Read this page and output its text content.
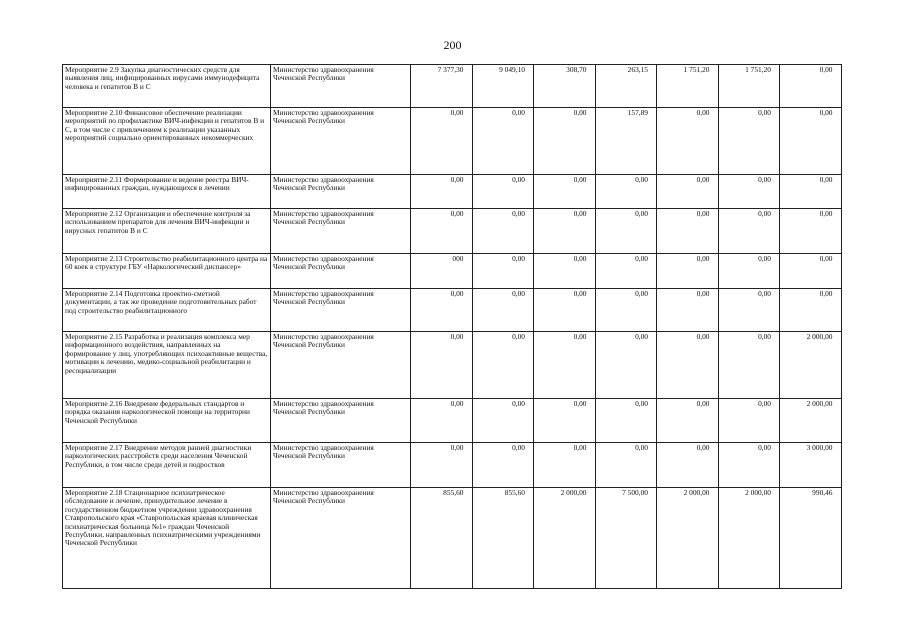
200
Мероприятие 2.9 Закупка диагностических средств для выявления лиц, инфицированных вирусами иммунодефицита человека и гепатитов В и С	Министерство здравоохранения Чеченской Республики	7 377,30	9 049,10	308,70	263,15	1 751,20	1 751,20	0,00
Мероприятие 2.10 Финансовое обеспечение реализации мероприятий по профилактике ВИЧ-инфекции и гепатитов В и С, в том числе с привлечением к реализации указанных мероприятий социально ориентированных некоммерческих	Министерство здравоохранения Чеченской Республики	0,00	0,00	0,00	157,89	0,00	0,00	0,00
Мероприятие 2.11 Формирование и ведение реестра ВИЧ-инфицированных граждан, нуждающихся в лечении	Министерство здравоохранения Чеченской Республики	0,00	0,00	0,00	0,00	0,00	0,00	0,00
Мероприятие 2.12 Организация и обеспечение контроля за использованием препаратов для лечения ВИЧ-инфекции и вирусных гепатитов В и С	Министерство здравоохранения Чеченской Республики	0,00	0,00	0,00	0,00	0,00	0,00	0,00
Мероприятие 2.13 Строительство реабилитационного центра на 60 коек в структуре ГБУ «Наркологический диспансер»	Министерство здравоохранения Чеченской Республики	000	0,00	0,00	0,00	0,00	0,00	0,00
Мероприятие 2.14 Подготовка проектно-сметной документации, а так же проведение подготовительных работ под строительство реабилитационного	Министерство здравоохранения Чеченской Республики	0,00	0,00	0,00	0,00	0,00	0,00	0,00
Мероприятие 2.15 Разработка и реализация комплекса мер информационного воздействия, направленных на формирование у лиц, употребляющих психоактивные вещества, мотивации к лечению, медико-социальной реабилитации и ресоциализации	Министерство здравоохранения Чеченской Республики	0,00	0,00	0,00	0,00	0,00	0,00	2 000,00
Мероприятие 2.16 Внедрение федеральных стандартов и порядка оказания наркологической помощи на территории Чеченской Республики	Министерство здравоохранения Чеченской Республики	0,00	0,00	0,00	0,00	0,00	0,00	2 000,00
Мероприятие 2.17 Внедрение методов ранней диагностики наркологических расстройств среди населения Чеченской Республики, в том числе среди детей и подростков	Министерство здравоохранения Чеченской Республики	0,00	0,00	0,00	0,00	0,00	0,00	3 000,00
Мероприятие 2.18 Стационарное психиатрическое обследование и лечение, принудительное лечение в государственном бюджетном учреждении здравоохранения Ставропольского края «Ставропольская краевая клиническая психиатрическая больница №1» граждан Чеченской Республики, направленных психиатрическими учреждениями Чеченской Республики	Министерство здравоохранения Чеченской Республики	855,60	855,60	2 000,00	7 500,00	2 000,00	2 000,00	990,46
